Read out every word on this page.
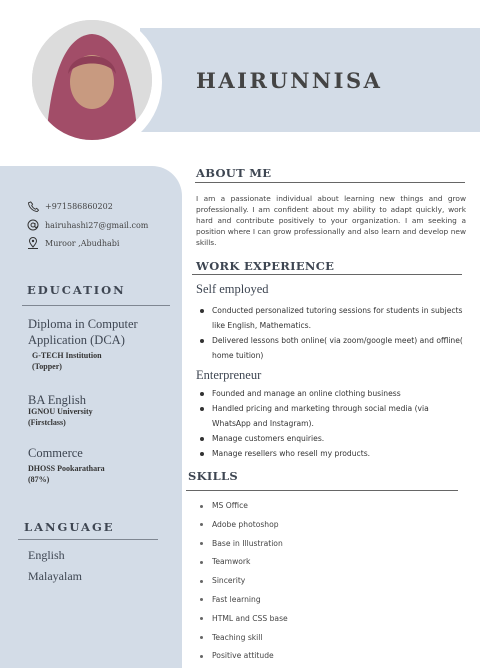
HAIRUNNISA
+971586860202
hairuhashi27@gmail.com
Muroor ,Abudhabi
EDUCATION
Diploma in Computer
Application (DCA)
G-TECH Institution
(Topper)
BA English
IGNOU University
(Firstclass)
Commerce
DHOSS Pookarathara
(87%)
LANGUAGE
English
Malayalam
ABOUT ME
I am a passionate individual about learning new things and grow professionally. I am confident about my ability to adapt quickly, work hard and contribute positively to your organization. I am seeking a position where I can grow professionally and also learn and develop new skills.
WORK EXPERIENCE
Self employed
Conducted personalized tutoring sessions for students in subjects like English, Mathematics.
Delivered lessons both online( via zoom/google meet) and offline( home tuition)
Enterpreneur
Founded and manage an online clothing business
Handled pricing and marketing through social media (via WhatsApp and Instagram).
Manage customers enquiries.
Manage resellers who resell my products.
SKILLS
MS Office
Adobe photoshop
Base in Illustration
Teamwork
Sincerity
Fast learning
HTML and CSS base
Teaching skill
Positive attitude
